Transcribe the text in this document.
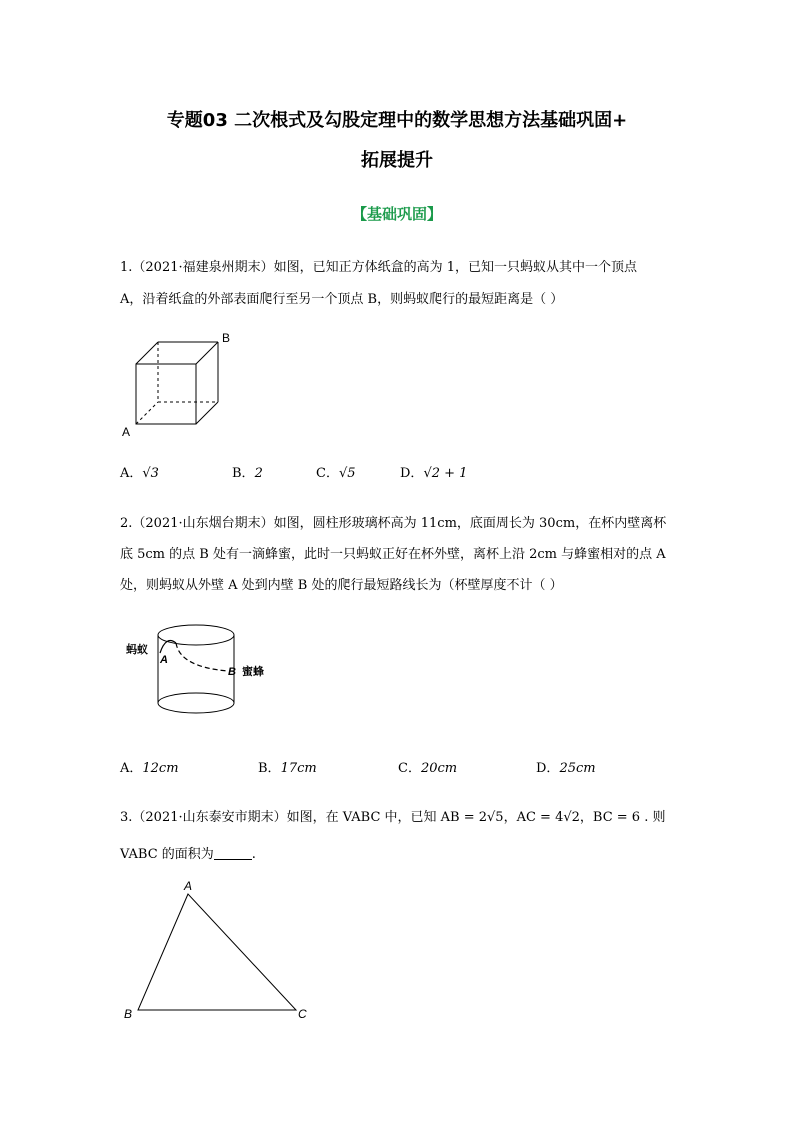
专题03 二次根式及勾股定理中的数学思想方法基础巩固+
拓展提升
【基础巩固】
1.（2021·福建泉州期末）如图，已知正方体纸盒的高为 1，已知一只蚂蚁从其中一个顶点
A，沿着纸盒的外部表面爬行至另一个顶点 B，则蚂蚁爬行的最短距离是（ ）
B
A
A．√3	B．2	C．√5	D．√2 + 1
2.（2021·山东烟台期末）如图，圆柱形玻璃杯高为 11cm，底面周长为 30cm，在杯内壁离杯
底 5cm 的点 B 处有一滴蜂蜜，此时一只蚂蚁正好在杯外壁，离杯上沿 2cm 与蜂蜜相对的点 A
处，则蚂蚁从外壁 A 处到内壁 B 处的爬行最短路线长为（杯壁厚度不计（ ）
蚂蚁
A
B 蜜蜂
A．12cm	B．17cm	C．20cm	D．25cm
3.（2021·山东泰安市期末）如图，在 VABC 中，已知 AB = 2√5，AC = 4√2，BC = 6 . 则
VABC 的面积为	.
A
B	C
